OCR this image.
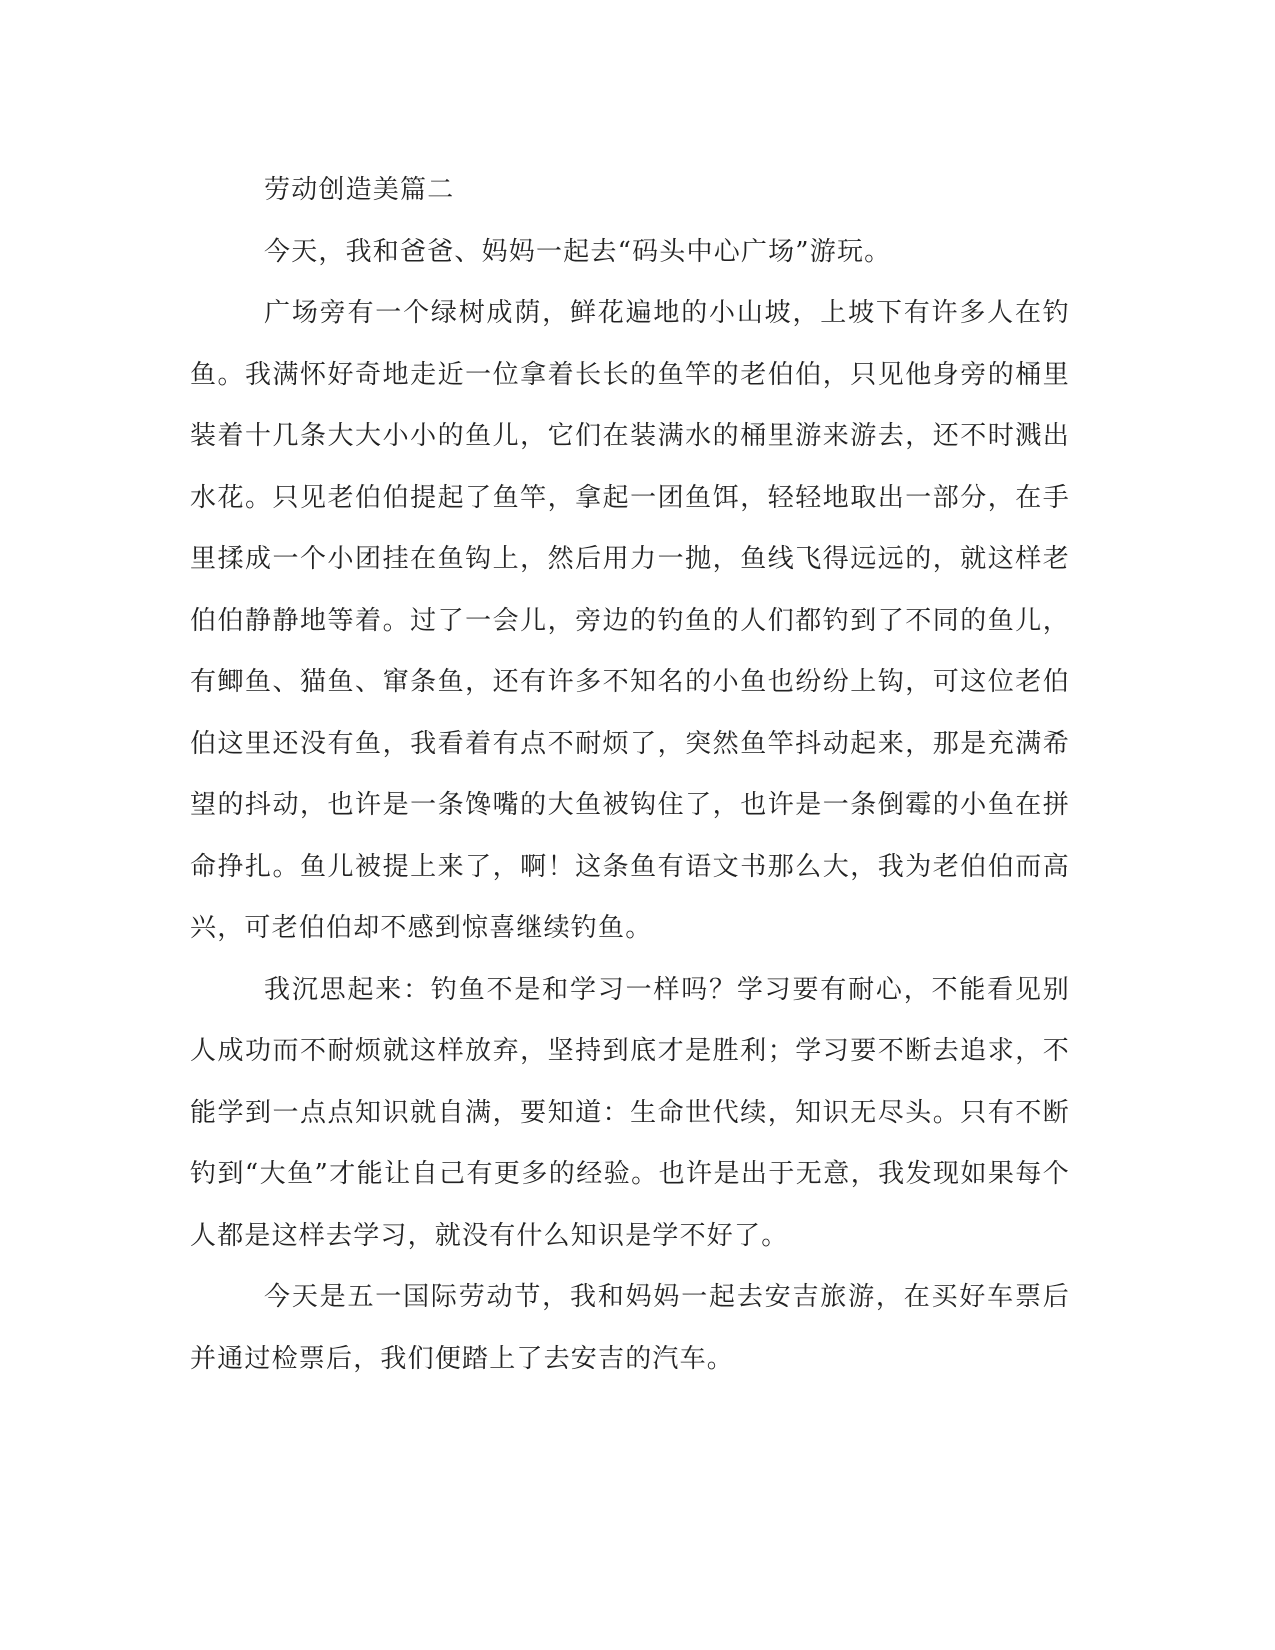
劳动创造美篇二

今天，我和爸爸、妈妈一起去“码头中心广场”游玩。

广场旁有一个绿树成荫，鲜花遍地的小山坡，上坡下有许多人在钓鱼。我满怀好奇地走近一位拿着长长的鱼竿的老伯伯，只见他身旁的桶里装着十几条大大小小的鱼儿，它们在装满水的桶里游来游去，还不时溅出水花。只见老伯伯提起了鱼竿，拿起一团鱼饵，轻轻地取出一部分，在手里揉成一个小团挂在鱼钩上，然后用力一抛，鱼线飞得远远的，就这样老伯伯静静地等着。过了一会儿，旁边的钓鱼的人们都钓到了不同的鱼儿，有鲫鱼、猫鱼、窜条鱼，还有许多不知名的小鱼也纷纷上钩，可这位老伯伯这里还没有鱼，我看着有点不耐烦了，突然鱼竿抖动起来，那是充满希望的抖动，也许是一条馋嘴的大鱼被钩住了，也许是一条倒霉的小鱼在拼命挣扎。鱼儿被提上来了，啊！这条鱼有语文书那么大，我为老伯伯而高兴，可老伯伯却不感到惊喜继续钓鱼。

我沉思起来：钓鱼不是和学习一样吗？学习要有耐心，不能看见别人成功而不耐烦就这样放弃，坚持到底才是胜利；学习要不断去追求，不能学到一点点知识就自满，要知道：生命世代续，知识无尽头。只有不断钓到“大鱼”才能让自己有更多的经验。也许是出于无意，我发现如果每个人都是这样去学习，就没有什么知识是学不好了。

今天是五一国际劳动节，我和妈妈一起去安吉旅游，在买好车票后并通过检票后，我们便踏上了去安吉的汽车。
